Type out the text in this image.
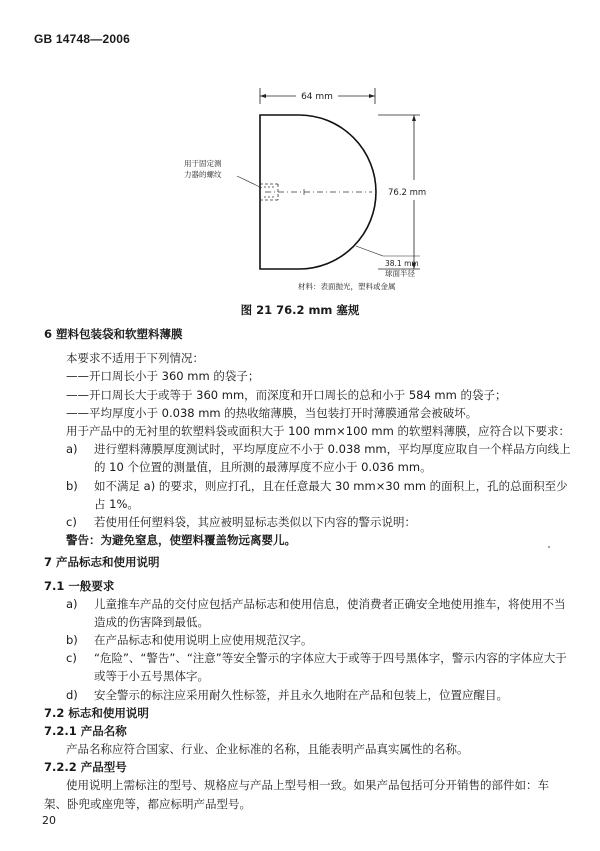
GB 14748—2006
64 mm
用于固定测
力器的螺纹
76.2 mm
38.1 mm
球面半径
材料：表面抛光，塑料或金属
图 21 76.2 mm 塞规
6 塑料包装袋和软塑料薄膜
本要求不适用于下列情况：
——开口周长小于 360 mm 的袋子；
——开口周长大于或等于 360 mm，而深度和开口周长的总和小于 584 mm 的袋子；
——平均厚度小于 0.038 mm 的热收缩薄膜，当包装打开时薄膜通常会被破坏。
用于产品中的无衬里的软塑料袋或面积大于 100 mm×100 mm 的软塑料薄膜，应符合以下要求：
a) 进行塑料薄膜厚度测试时，平均厚度应不小于 0.038 mm，平均厚度应取自一个样品方向线上
的 10 个位置的测量值，且所测的最薄厚度不应小于 0.036 mm。
b) 如不满足 a) 的要求，则应打孔，且在任意最大 30 mm×30 mm 的面积上，孔的总面积至少
占 1%。
c) 若使用任何塑料袋，其应被明显标志类似以下内容的警示说明：
警告：为避免窒息，使塑料覆盖物远离婴儿。
7 产品标志和使用说明
7.1 一般要求
a) 儿童推车产品的交付应包括产品标志和使用信息，使消费者正确安全地使用推车，将使用不当
造成的伤害降到最低。
b) 在产品标志和使用说明上应使用规范汉字。
c) “危险”、“警告”、“注意”等安全警示的字体应大于或等于四号黑体字，警示内容的字体应大于
或等于小五号黑体字。
d) 安全警示的标注应采用耐久性标签，并且永久地附在产品和包装上，位置应醒目。
7.2 标志和使用说明
7.2.1 产品名称
产品名称应符合国家、行业、企业标准的名称，且能表明产品真实属性的名称。
7.2.2 产品型号
使用说明上需标注的型号、规格应与产品上型号相一致。如果产品包括可分开销售的部件如：车
架、卧兜或座兜等，都应标明产品型号。
20
